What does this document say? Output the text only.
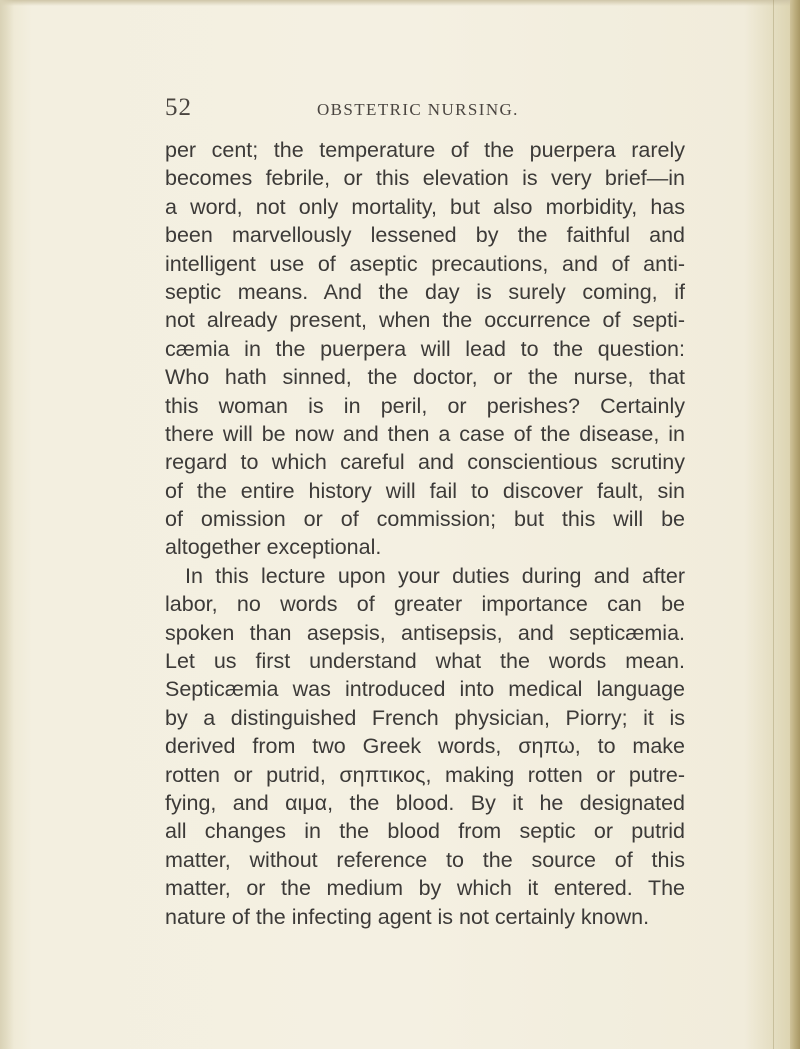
52	OBSTETRIC NURSING.
per cent; the temperature of the puerpera rarely
becomes febrile, or this elevation is very brief—in
a word, not only mortality, but also morbidity, has
been marvellously lessened by the faithful and
intelligent use of aseptic precautions, and of anti-
septic means. And the day is surely coming, if
not already present, when the occurrence of septi-
cæmia in the puerpera will lead to the question:
Who hath sinned, the doctor, or the nurse, that
this woman is in peril, or perishes? Certainly
there will be now and then a case of the disease, in
regard to which careful and conscientious scrutiny
of the entire history will fail to discover fault, sin
of omission or of commission; but this will be
altogether exceptional.
In this lecture upon your duties during and after
labor, no words of greater importance can be
spoken than asepsis, antisepsis, and septicæmia.
Let us first understand what the words mean.
Septicæmia was introduced into medical language
by a distinguished French physician, Piorry; it is
derived from two Greek words, σηπω, to make
rotten or putrid, σηπτικος, making rotten or putre-
fying, and αιμα, the blood. By it he designated
all changes in the blood from septic or putrid
matter, without reference to the source of this
matter, or the medium by which it entered. The
nature of the infecting agent is not certainly known.
